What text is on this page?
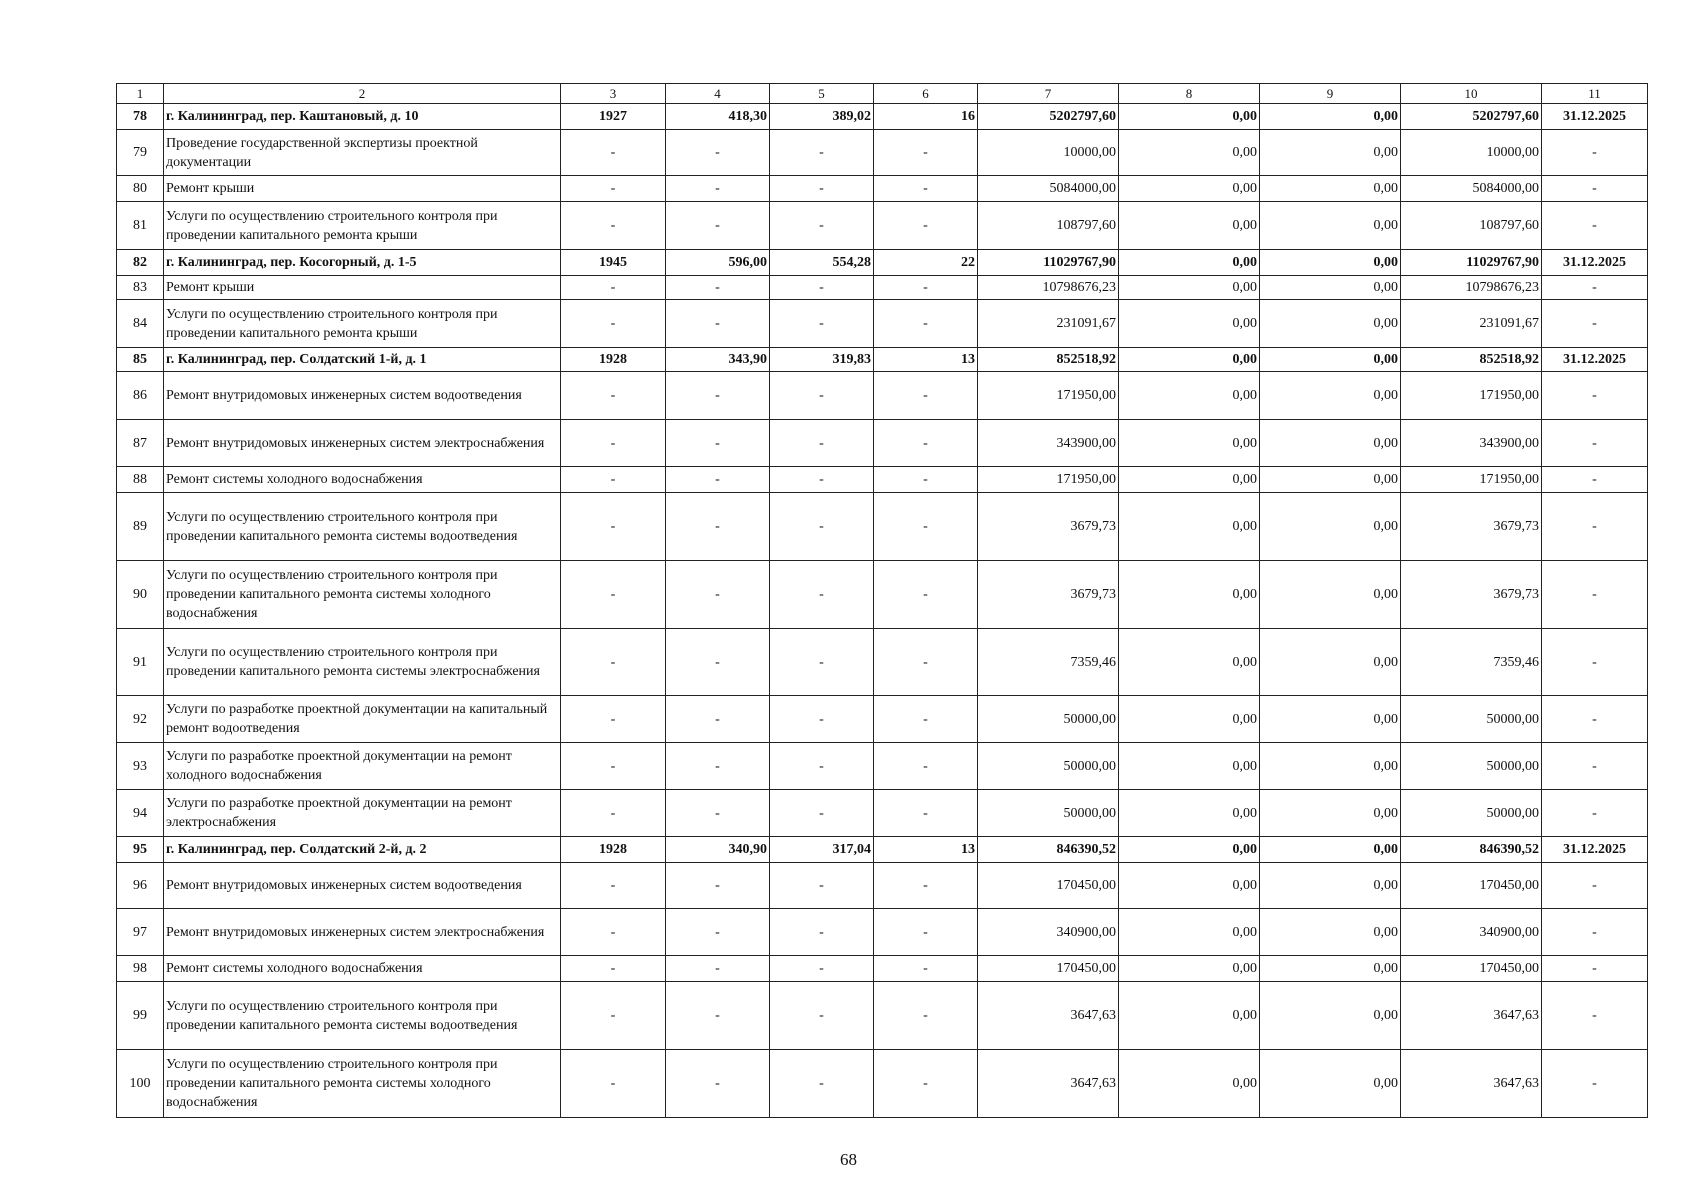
1	2	3	4	5	6	7	8	9	10	11
78	г. Калининград, пер. Каштановый, д. 10	1927	418,30	389,02	16	5202797,60	0,00	0,00	5202797,60	31.12.2025
79	Проведение государственной экспертизы проектной документации	-	-	-	-	10000,00	0,00	0,00	10000,00	-
80	Ремонт крыши	-	-	-	-	5084000,00	0,00	0,00	5084000,00	-
81	Услуги по осуществлению строительного контроля при проведении капитального ремонта крыши	-	-	-	-	108797,60	0,00	0,00	108797,60	-
82	г. Калининград, пер. Косогорный, д. 1-5	1945	596,00	554,28	22	11029767,90	0,00	0,00	11029767,90	31.12.2025
83	Ремонт крыши	-	-	-	-	10798676,23	0,00	0,00	10798676,23	-
84	Услуги по осуществлению строительного контроля при проведении капитального ремонта крыши	-	-	-	-	231091,67	0,00	0,00	231091,67	-
85	г. Калининград, пер. Солдатский 1-й, д. 1	1928	343,90	319,83	13	852518,92	0,00	0,00	852518,92	31.12.2025
86	Ремонт внутридомовых инженерных систем водоотведения	-	-	-	-	171950,00	0,00	0,00	171950,00	-
87	Ремонт внутридомовых инженерных систем электроснабжения	-	-	-	-	343900,00	0,00	0,00	343900,00	-
88	Ремонт системы холодного водоснабжения	-	-	-	-	171950,00	0,00	0,00	171950,00	-
89	Услуги по осуществлению строительного контроля при проведении капитального ремонта системы водоотведения	-	-	-	-	3679,73	0,00	0,00	3679,73	-
90	Услуги по осуществлению строительного контроля при проведении капитального ремонта системы холодного водоснабжения	-	-	-	-	3679,73	0,00	0,00	3679,73	-
91	Услуги по осуществлению строительного контроля при проведении капитального ремонта системы электроснабжения	-	-	-	-	7359,46	0,00	0,00	7359,46	-
92	Услуги по разработке проектной документации на капитальный ремонт водоотведения	-	-	-	-	50000,00	0,00	0,00	50000,00	-
93	Услуги по разработке проектной документации на ремонт холодного водоснабжения	-	-	-	-	50000,00	0,00	0,00	50000,00	-
94	Услуги по разработке проектной документации на ремонт электроснабжения	-	-	-	-	50000,00	0,00	0,00	50000,00	-
95	г. Калининград, пер. Солдатский 2-й, д. 2	1928	340,90	317,04	13	846390,52	0,00	0,00	846390,52	31.12.2025
96	Ремонт внутридомовых инженерных систем водоотведения	-	-	-	-	170450,00	0,00	0,00	170450,00	-
97	Ремонт внутридомовых инженерных систем электроснабжения	-	-	-	-	340900,00	0,00	0,00	340900,00	-
98	Ремонт системы холодного водоснабжения	-	-	-	-	170450,00	0,00	0,00	170450,00	-
99	Услуги по осуществлению строительного контроля при проведении капитального ремонта системы водоотведения	-	-	-	-	3647,63	0,00	0,00	3647,63	-
100	Услуги по осуществлению строительного контроля при проведении капитального ремонта системы холодного водоснабжения	-	-	-	-	3647,63	0,00	0,00	3647,63	-
68
